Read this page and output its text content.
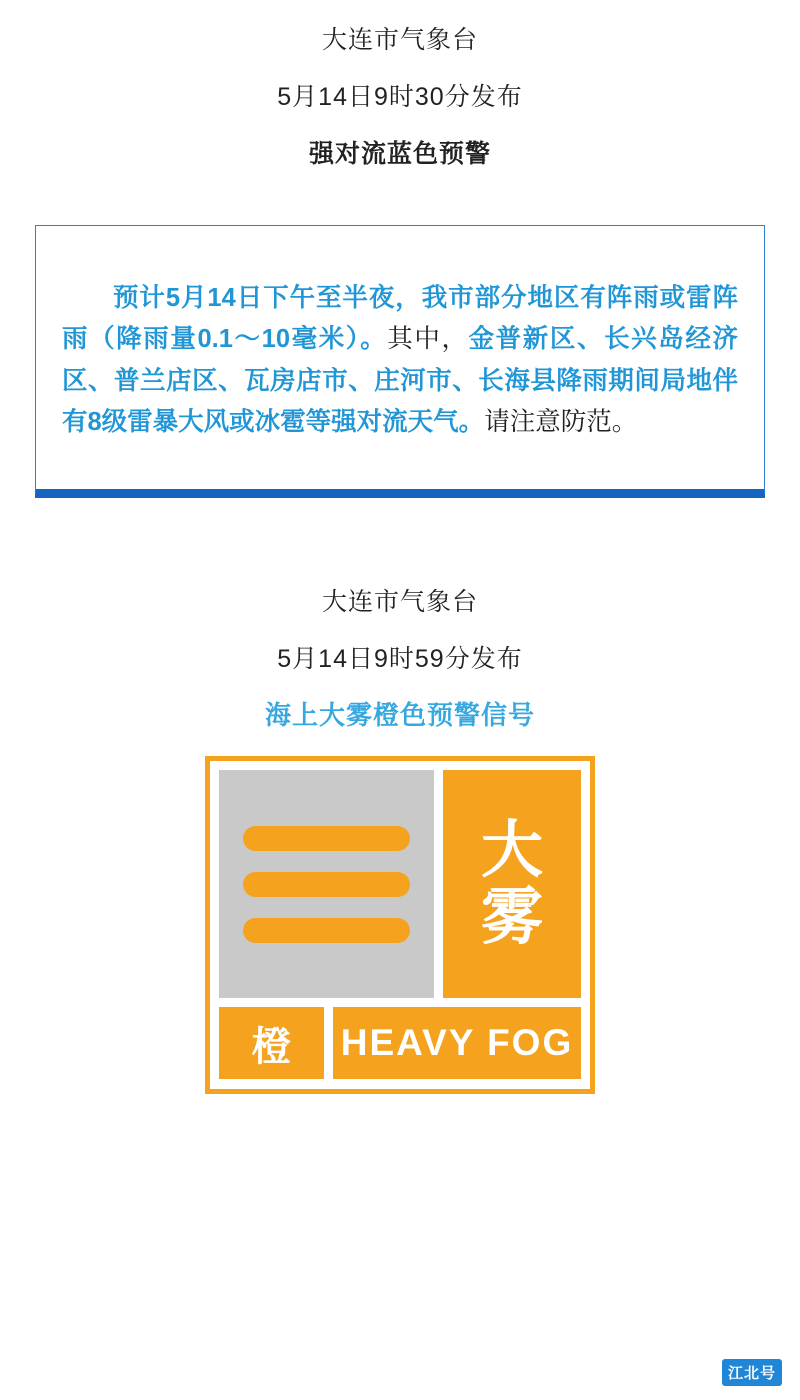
大连市气象台
5月14日9时30分发布
强对流蓝色预警
预计5月14日下午至半夜，我市部分地区有阵雨或雷阵雨（降雨量0.1～10毫米）。其中，金普新区、长兴岛经济区、普兰店区、瓦房店市、庄河市、长海县降雨期间局地伴有8级雷暴大风或冰雹等强对流天气。请注意防范。
大连市气象台
5月14日9时59分发布
海上大雾橙色预警信号
大
雾
橙	HEAVY FOG
江北号
